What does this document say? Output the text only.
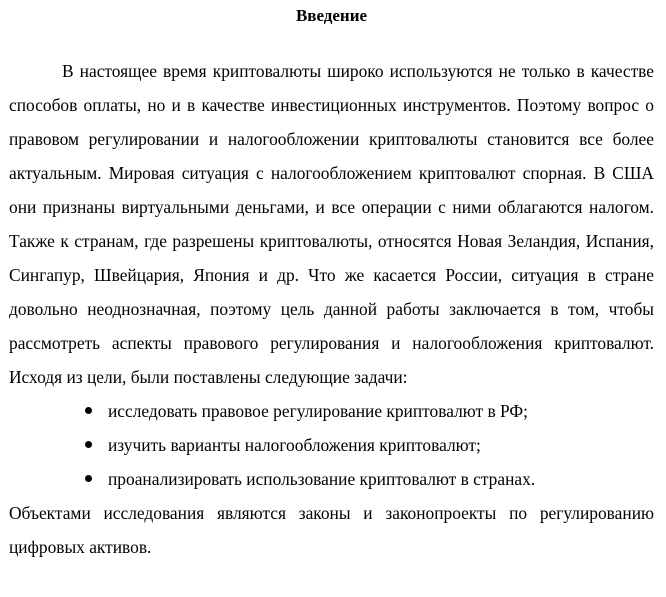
Введение

В настоящее время криптовалюты широко используются не только в качестве способов оплаты, но и в качестве инвестиционных инструментов. Поэтому вопрос о правовом регулировании и налогообложении криптовалюты становится все более актуальным. Мировая ситуация с налогообложением криптовалют спорная. В США они признаны виртуальными деньгами, и все операции с ними облагаются налогом. Также к странам, где разрешены криптовалюты, относятся Новая Зеландия, Испания, Сингапур, Швейцария, Япония и др. Что же касается России, ситуация в стране довольно неоднозначная, поэтому цель данной работы заключается в том, чтобы рассмотреть аспекты правового регулирования и налогообложения криптовалют. Исходя из цели, были поставлены следующие задачи:

исследовать правовое регулирование криптовалют в РФ;
изучить варианты налогообложения криптовалют;
проанализировать использование криптовалют в странах.

Объектами исследования являются законы и законопроекты по регулированию цифровых активов.
